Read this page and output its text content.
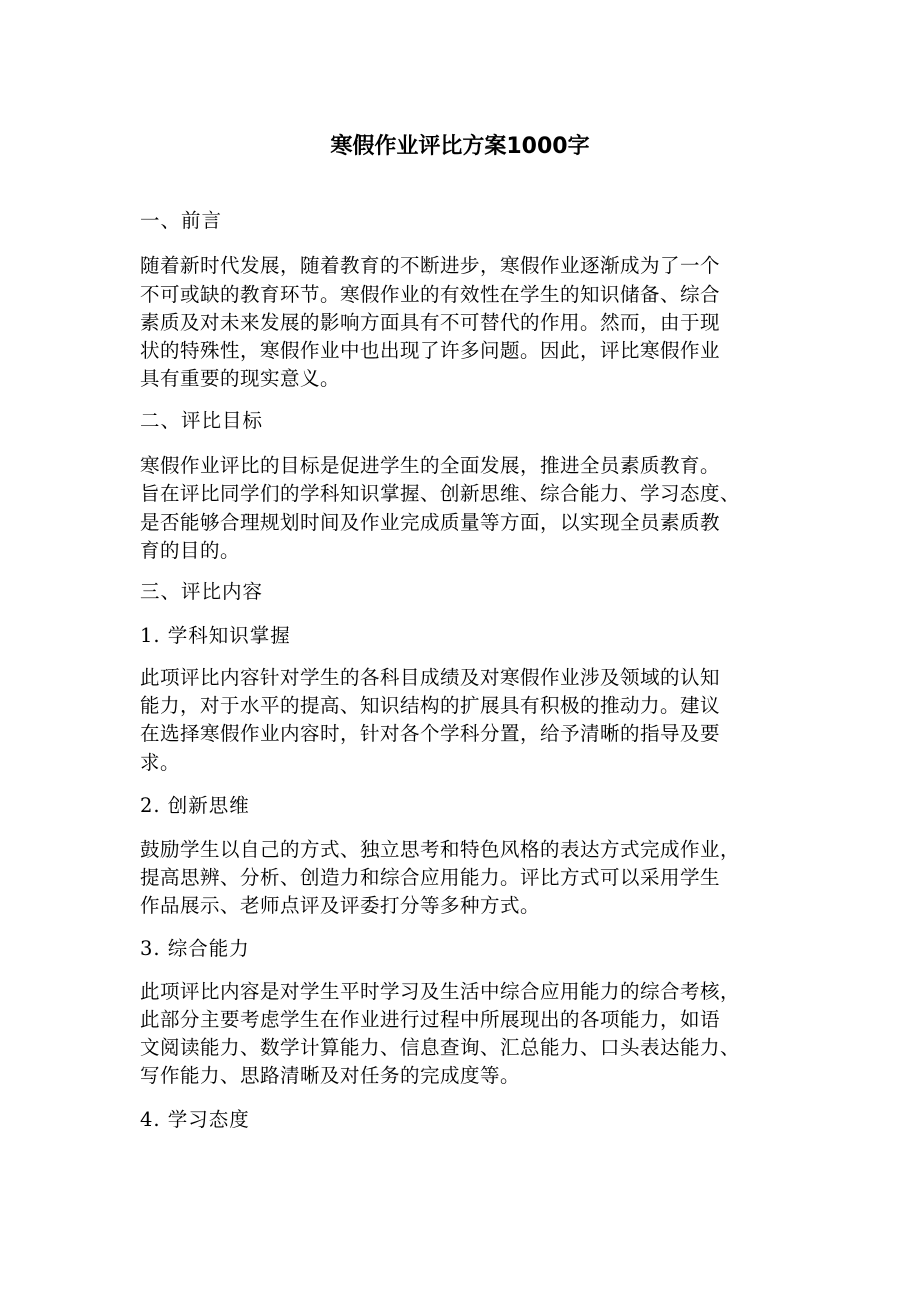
寒假作业评比方案1000字
一、前言
随着新时代发展，随着教育的不断进步，寒假作业逐渐成为了一个
不可或缺的教育环节。寒假作业的有效性在学生的知识储备、综合
素质及对未来发展的影响方面具有不可替代的作用。然而，由于现
状的特殊性，寒假作业中也出现了许多问题。因此，评比寒假作业
具有重要的现实意义。
二、评比目标
寒假作业评比的目标是促进学生的全面发展，推进全员素质教育。
旨在评比同学们的学科知识掌握、创新思维、综合能力、学习态度、
是否能够合理规划时间及作业完成质量等方面，以实现全员素质教
育的目的。
三、评比内容
1. 学科知识掌握
此项评比内容针对学生的各科目成绩及对寒假作业涉及领域的认知
能力，对于水平的提高、知识结构的扩展具有积极的推动力。建议
在选择寒假作业内容时，针对各个学科分置，给予清晰的指导及要
求。
2. 创新思维
鼓励学生以自己的方式、独立思考和特色风格的表达方式完成作业，
提高思辨、分析、创造力和综合应用能力。评比方式可以采用学生
作品展示、老师点评及评委打分等多种方式。
3. 综合能力
此项评比内容是对学生平时学习及生活中综合应用能力的综合考核，
此部分主要考虑学生在作业进行过程中所展现出的各项能力，如语
文阅读能力、数学计算能力、信息查询、汇总能力、口头表达能力、
写作能力、思路清晰及对任务的完成度等。
4. 学习态度
